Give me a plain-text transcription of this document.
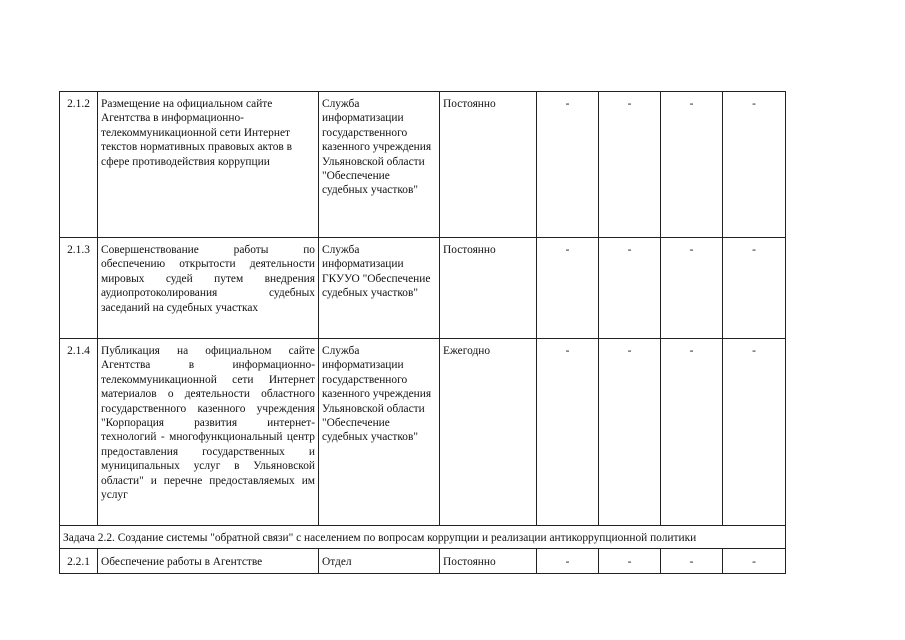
2.1.2	Размещение на официальном сайте Агентства в информационно-телекоммуникационной сети Интернет текстов нормативных правовых актов в сфере противодействия коррупции	Служба информатизации государственного казенного учреждения Ульяновской области "Обеспечение судебных участков"	Постоянно	-	-	-	-
2.1.3	Совершенствование работы по обеспечению открытости деятельности мировых судей путем внедрения аудиопротоколирования судебных заседаний на судебных участках	Служба информатизации ГКУУО "Обеспечение судебных участков"	Постоянно	-	-	-	-
2.1.4	Публикация на официальном сайте Агентства в информационно-телекоммуникационной сети Интернет материалов о деятельности областного государственного казенного учреждения "Корпорация развития интернет-технологий - многофункциональный центр предоставления государственных и муниципальных услуг в Ульяновской области" и перечне предоставляемых им услуг	Служба информатизации государственного казенного учреждения Ульяновской области "Обеспечение судебных участков"	Ежегодно	-	-	-	-
Задача 2.2. Создание системы "обратной связи" с населением по вопросам коррупции и реализации антикоррупционной политики							
2.2.1	Обеспечение работы в Агентстве	Отдел	Постоянно	-	-	-	-
